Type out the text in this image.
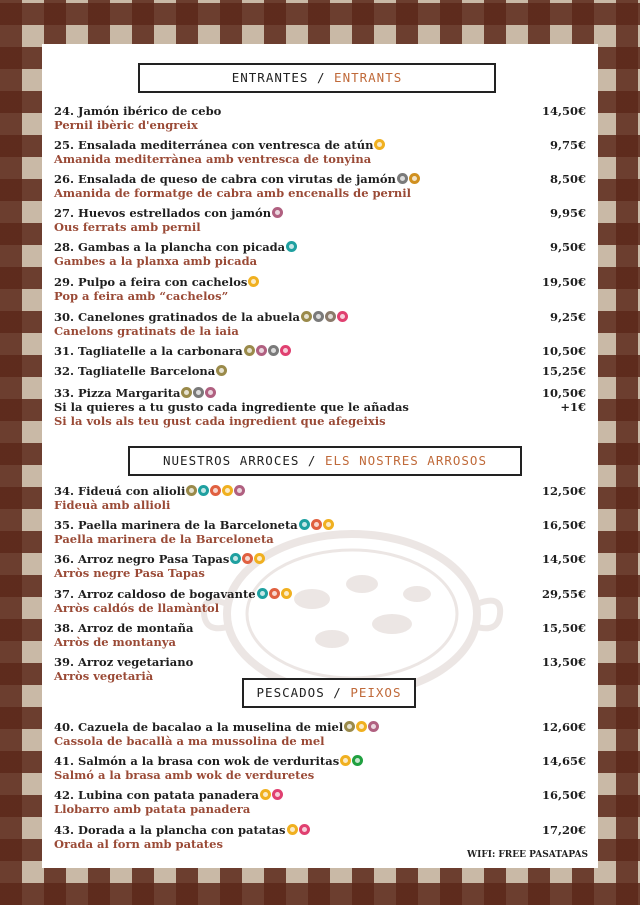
ENTRANTES / ENTRANTS
NUESTROS ARROCES / ELS NOSTRES ARROSOS
PESCADOS / PEIXOS
24. Jamón ibérico de cebo
Pernil ibèric d'engreix
14,50€
25. Ensalada mediterránea con ventresca de atún
Amanida mediterrànea amb ventresca de tonyina
9,75€
26. Ensalada de queso de cabra con virutas de jamón
Amanida de formatge de cabra amb encenalls de pernil
8,50€
27. Huevos estrellados con jamón
Ous ferrats amb pernil
9,95€
28. Gambas a la plancha con picada
Gambes a la planxa amb picada
9,50€
29. Pulpo a feira con cachelos
Pop a feira amb “cachelos”
19,50€
30. Canelones gratinados de la abuela
Canelons gratinats de la iaia
9,25€
31. Tagliatelle a la carbonara	10,50€
32. Tagliatelle Barcelona	15,25€
33. Pizza Margarita
Si la quieres a tu gusto cada ingrediente que le añadas
Si la vols als teu gust cada ingredient que afegeixis
10,50€
+1€
34. Fideuá con alioli
Fideuà amb allioli
12,50€
35. Paella marinera de la Barceloneta
Paella marinera de la Barceloneta
16,50€
36. Arroz negro Pasa Tapas
Arròs negre Pasa Tapas
14,50€
37. Arroz caldoso de bogavante
Arròs caldós de llamàntol
29,55€
38. Arroz de montaña
Arròs de montanya
15,50€
39. Arroz vegetariano
Arròs vegetarià
13,50€
40. Cazuela de bacalao a la muselina de miel
Cassola de bacallà a ma mussolina de mel
12,60€
41. Salmón a la brasa con wok de verduritas
Salmó a la brasa amb wok de verduretes
14,65€
42. Lubina con patata panadera
Llobarro amb patata panadera
16,50€
43. Dorada a la plancha con patatas
Orada al forn amb patates
17,20€
WIFI: FREE PASATAPAS
